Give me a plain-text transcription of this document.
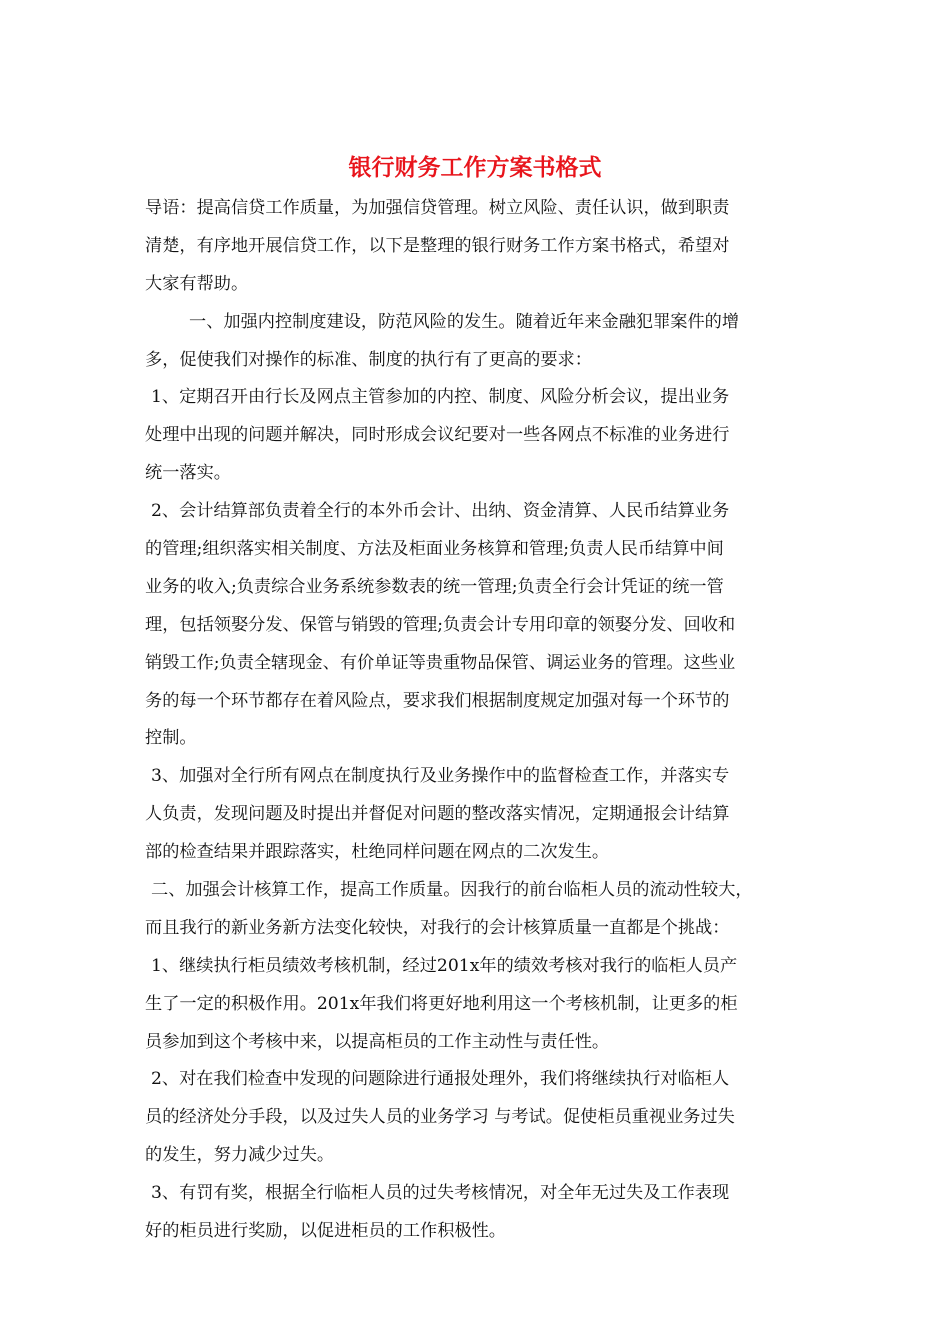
银行财务工作方案书格式
导语：提高信贷工作质量，为加强信贷管理。树立风险、责任认识，做到职责
清楚，有序地开展信贷工作，以下是整理的银行财务工作方案书格式，希望对
大家有帮助。
一、加强内控制度建设，防范风险的发生。随着近年来金融犯罪案件的增
多，促使我们对操作的标准、制度的执行有了更高的要求：
1、定期召开由行长及网点主管参加的内控、制度、风险分析会议，提出业务
处理中出现的问题并解决，同时形成会议纪要对一些各网点不标准的业务进行
统一落实。
2、会计结算部负责着全行的本外币会计、出纳、资金清算、人民币结算业务
的管理;组织落实相关制度、方法及柜面业务核算和管理;负责人民币结算中间
业务的收入;负责综合业务系统参数表的统一管理;负责全行会计凭证的统一管
理，包括领娶分发、保管与销毁的管理;负责会计专用印章的领娶分发、回收和
销毁工作;负责全辖现金、有价单证等贵重物品保管、调运业务的管理。这些业
务的每一个环节都存在着风险点，要求我们根据制度规定加强对每一个环节的
控制。
3、加强对全行所有网点在制度执行及业务操作中的监督检查工作，并落实专
人负责，发现问题及时提出并督促对问题的整改落实情况，定期通报会计结算
部的检查结果并跟踪落实，杜绝同样问题在网点的二次发生。
二、加强会计核算工作，提高工作质量。因我行的前台临柜人员的流动性较大，
而且我行的新业务新方法变化较快，对我行的会计核算质量一直都是个挑战：
1、继续执行柜员绩效考核机制，经过201x年的绩效考核对我行的临柜人员产
生了一定的积极作用。201x年我们将更好地利用这一个考核机制，让更多的柜
员参加到这个考核中来，以提高柜员的工作主动性与责任性。
2、对在我们检查中发现的问题除进行通报处理外，我们将继续执行对临柜人
员的经济处分手段，以及过失人员的业务学习 与考试。促使柜员重视业务过失
的发生，努力减少过失。
3、有罚有奖，根据全行临柜人员的过失考核情况，对全年无过失及工作表现
好的柜员进行奖励，以促进柜员的工作积极性。
